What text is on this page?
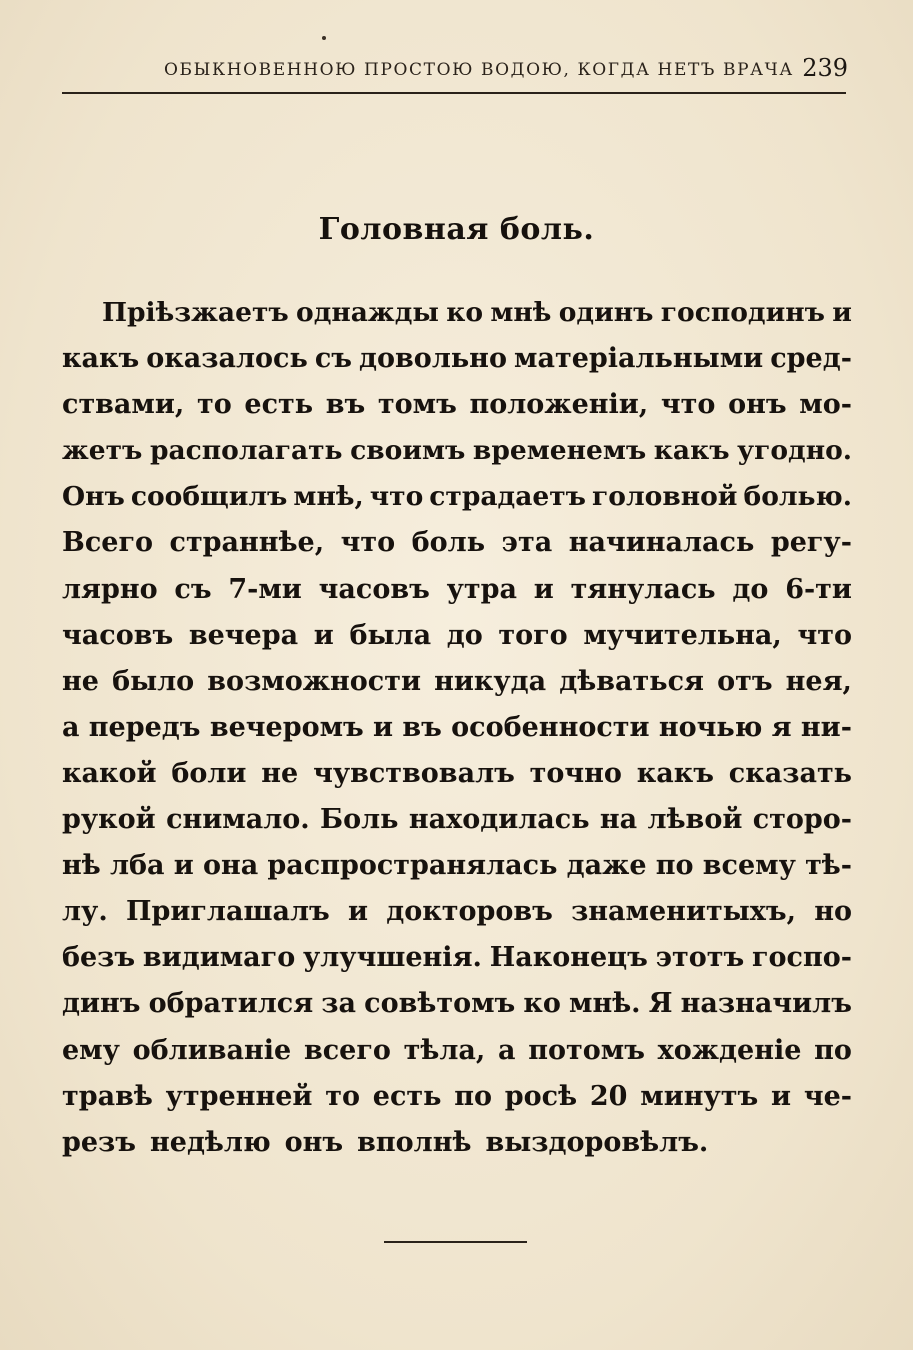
ОБЫКНОВЕННОЮ ПРОСТОЮ ВОДОЮ, КОГДА НЕТЪ ВРАЧА 239
Головная боль.
Пріѣзжаетъ однажды ко мнѣ одинъ господинъ и
какъ оказалось съ довольно матеріальными сред-
ствами, то есть въ томъ положеніи, что онъ мо-
жетъ располагать своимъ временемъ какъ угодно.
Онъ сообщилъ мнѣ, что страдаетъ головной болью.
Всего страннѣе, что боль эта начиналась регу-
лярно съ 7-ми часовъ утра и тянулась до 6-ти
часовъ вечера и была до того мучительна, что
не было возможности никуда дѣваться отъ нея,
а передъ вечеромъ и въ особенности ночью я ни-
какой боли не чувствовалъ точно какъ сказать
рукой снимало. Боль находилась на лѣвой сторо-
нѣ лба и она распространялась даже по всему тѣ-
лу. Приглашалъ и докторовъ знаменитыхъ, но
безъ видимаго улучшенія. Наконецъ этотъ госпо-
динъ обратился за совѣтомъ ко мнѣ. Я назначилъ
ему обливаніе всего тѣла, а потомъ хожденіе по
травѣ утренней то есть по росѣ 20 минутъ и че-
резъ недѣлю онъ вполнѣ выздоровѣлъ.
